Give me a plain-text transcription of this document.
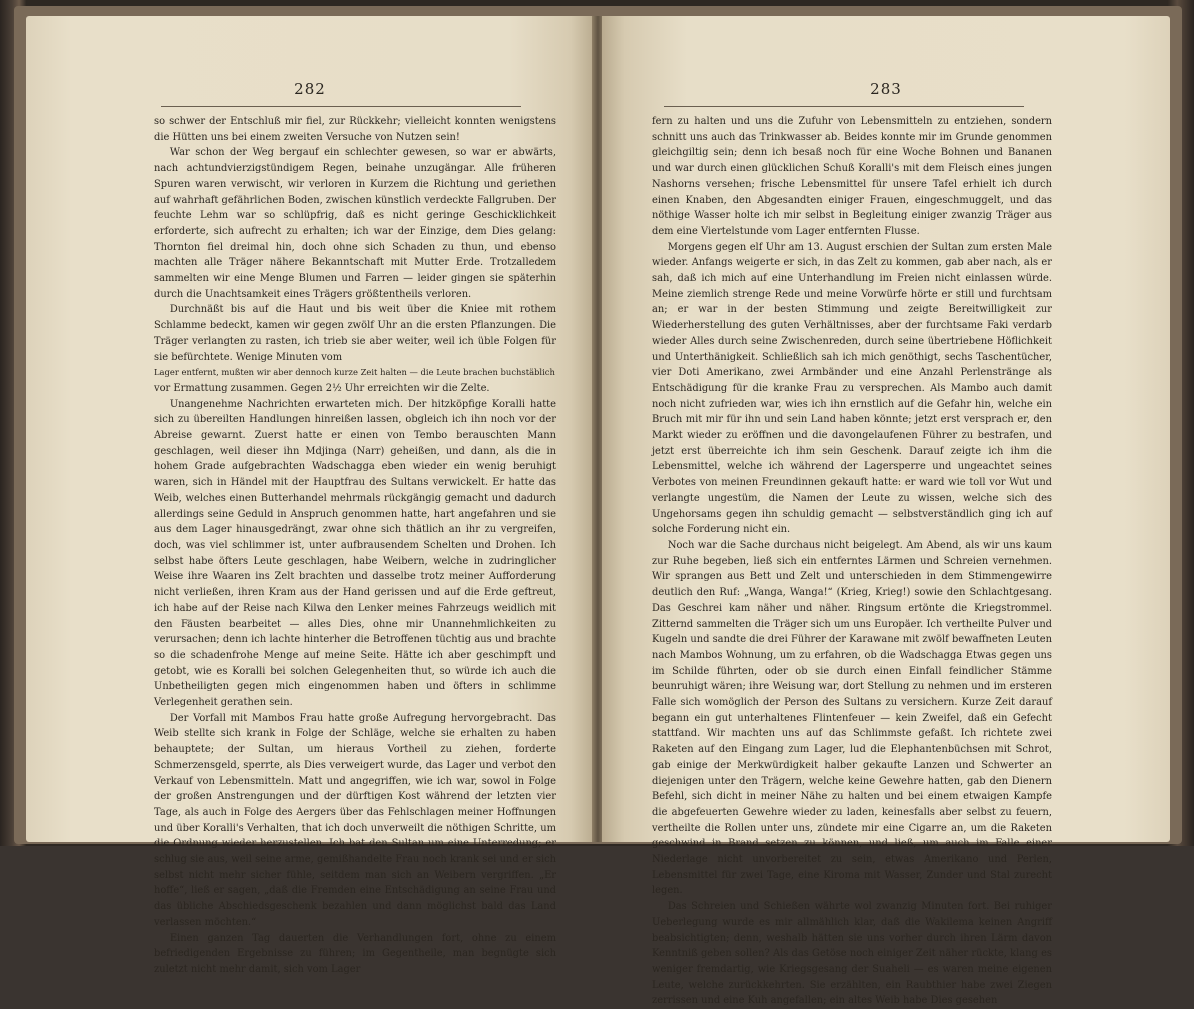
282

so schwer der Entschluß mir fiel, zur Rückkehr; vielleicht konnten wenigstens die Hütten uns bei einem zweiten Versuche von Nutzen sein!

War schon der Weg bergauf ein schlechter gewesen, so war er abwärts, nach achtundvierzigstündigem Regen, beinahe unzugängar. Alle früheren Spuren waren verwischt, wir verloren in Kurzem die Richtung und geriethen auf wahrhaft gefährlichen Boden, zwischen künstlich verdeckte Fallgruben. Der feuchte Lehm war so schlüpfrig, daß es nicht geringe Geschicklichkeit erforderte, sich aufrecht zu erhalten; ich war der Einzige, dem Dies gelang: Thornton fiel dreimal hin, doch ohne sich Schaden zu thun, und ebenso machten alle Träger nähere Bekanntschaft mit Mutter Erde. Trotzalledem sammelten wir eine Menge Blumen und Farren — leider gingen sie späterhin durch die Unachtsamkeit eines Trägers größtentheils verloren.

Durchnäßt bis auf die Haut und bis weit über die Kniee mit rothem Schlamme bedeckt, kamen wir gegen zwölf Uhr an die ersten Pflanzungen. Die Träger verlangten zu rasten, ich trieb sie aber weiter, weil ich üble Folgen für sie befürchtete. Wenige Minuten vom

Lager entfernt, mußten wir aber dennoch kurze Zeit halten — die Leute brachen buchstäblich

vor Ermattung zusammen. Gegen 2½ Uhr erreichten wir die Zelte.

Unangenehme Nachrichten erwarteten mich. Der hitzköpfige Koralli hatte sich zu übereilten Handlungen hinreißen lassen, obgleich ich ihn noch vor der Abreise gewarnt. Zuerst hatte er einen von Tembo berauschten Mann geschlagen, weil dieser ihn Mdjinga (Narr) geheißen, und dann, als die in hohem Grade aufgebrachten Wadschagga eben wieder ein wenig beruhigt waren, sich in Händel mit der Hauptfrau des Sultans verwickelt. Er hatte das Weib, welches einen Butterhandel mehrmals rückgängig gemacht und dadurch allerdings seine Geduld in Anspruch genommen hatte, hart angefahren und sie aus dem Lager hinausgedrängt, zwar ohne sich thätlich an ihr zu vergreifen, doch, was viel schlimmer ist, unter aufbrausendem Schelten und Drohen. Ich selbst habe öfters Leute geschlagen, habe Weibern, welche in zudringlicher Weise ihre Waaren ins Zelt brachten und dasselbe trotz meiner Aufforderung nicht verließen, ihren Kram aus der Hand gerissen und auf die Erde geftreut, ich habe auf der Reise nach Kilwa den Lenker meines Fahrzeugs weidlich mit den Fäusten bearbeitet — alles Dies, ohne mir Unannehmlichkeiten zu verursachen; denn ich lachte hinterher die Betroffenen tüchtig aus und brachte so die schadenfrohe Menge auf meine Seite. Hätte ich aber geschimpft und getobt, wie es Koralli bei solchen Gelegenheiten thut, so würde ich auch die Unbetheiligten gegen mich eingenommen haben und öfters in schlimme Verlegenheit gerathen sein.

Der Vorfall mit Mambos Frau hatte große Aufregung hervorgebracht. Das Weib stellte sich krank in Folge der Schläge, welche sie erhalten zu haben behauptete; der Sultan, um hieraus Vortheil zu ziehen, forderte Schmerzensgeld, sperrte, als Dies verweigert wurde, das Lager und verbot den Verkauf von Lebensmitteln. Matt und angegriffen, wie ich war, sowol in Folge der großen Anstrengungen und der dürftigen Kost während der letzten vier Tage, als auch in Folge des Aergers über das Fehlschlagen meiner Hoffnungen und über Koralli's Verhalten, that ich doch unverweilt die nöthigen Schritte, um die Ordnung wieder herzustellen. Ich bat den Sultan um eine Unterredung; er schlug sie aus, weil seine arme, gemißhandelte Frau noch krank sei und er sich selbst nicht mehr sicher fühle, seitdem man sich an Weibern vergriffen. „Er hoffe“, ließ er sagen, „daß die Fremden eine Entschädigung an seine Frau und das übliche Abschiedsgeschenk bezahlen und dann möglichst bald das Land verlassen möchten.“

Einen ganzen Tag dauerten die Verhandlungen fort, ohne zu einem befriedigenden Ergebnisse zu führen; im Gegentheile, man begnügte sich zuletzt nicht mehr damit, sich vom Lager

283

fern zu halten und uns die Zufuhr von Lebensmitteln zu entziehen, sondern schnitt uns auch das Trinkwasser ab. Beides konnte mir im Grunde genommen gleichgiltig sein; denn ich besaß noch für eine Woche Bohnen und Bananen und war durch einen glücklichen Schuß Koralli's mit dem Fleisch eines jungen Nashorns versehen; frische Lebensmittel für unsere Tafel erhielt ich durch einen Knaben, den Abgesandten einiger Frauen, eingeschmuggelt, und das nöthige Wasser holte ich mir selbst in Begleitung einiger zwanzig Träger aus dem eine Viertelstunde vom Lager entfernten Flusse.

Morgens gegen elf Uhr am 13. August erschien der Sultan zum ersten Male wieder. Anfangs weigerte er sich, in das Zelt zu kommen, gab aber nach, als er sah, daß ich mich auf eine Unterhandlung im Freien nicht einlassen würde. Meine ziemlich strenge Rede und meine Vorwürfe hörte er still und furchtsam an; er war in der besten Stimmung und zeigte Bereitwilligkeit zur Wiederherstellung des guten Verhältnisses, aber der furchtsame Faki verdarb wieder Alles durch seine Zwischenreden, durch seine übertriebene Höflichkeit und Unterthänigkeit. Schließlich sah ich mich genöthigt, sechs Taschentücher, vier Doti Amerikano, zwei Armbänder und eine Anzahl Perlenstränge als Entschädigung für die kranke Frau zu versprechen. Als Mambo auch damit noch nicht zufrieden war, wies ich ihn ernstlich auf die Gefahr hin, welche ein Bruch mit mir für ihn und sein Land haben könnte; jetzt erst versprach er, den Markt wieder zu eröffnen und die davongelaufenen Führer zu bestrafen, und jetzt erst überreichte ich ihm sein Geschenk. Darauf zeigte ich ihm die Lebensmittel, welche ich während der Lagersperre und ungeachtet seines Verbotes von meinen Freundinnen gekauft hatte: er ward wie toll vor Wut und verlangte ungestüm, die Namen der Leute zu wissen, welche sich des Ungehorsams gegen ihn schuldig gemacht — selbstverständlich ging ich auf solche Forderung nicht ein.

Noch war die Sache durchaus nicht beigelegt. Am Abend, als wir uns kaum zur Ruhe begeben, ließ sich ein entferntes Lärmen und Schreien vernehmen. Wir sprangen aus Bett und Zelt und unterschieden in dem Stimmengewirre deutlich den Ruf: „Wanga, Wanga!“ (Krieg, Krieg!) sowie den Schlachtgesang. Das Geschrei kam näher und näher. Ringsum ertönte die Kriegstrommel. Zitternd sammelten die Träger sich um uns Europäer. Ich vertheilte Pulver und Kugeln und sandte die drei Führer der Karawane mit zwölf bewaffneten Leuten nach Mambos Wohnung, um zu erfahren, ob die Wadschagga Etwas gegen uns im Schilde führten, oder ob sie durch einen Einfall feindlicher Stämme beunruhigt wären; ihre Weisung war, dort Stellung zu nehmen und im ersteren Falle sich womöglich der Person des Sultans zu versichern. Kurze Zeit darauf begann ein gut unterhaltenes Flintenfeuer — kein Zweifel, daß ein Gefecht stattfand. Wir machten uns auf das Schlimmste gefaßt. Ich richtete zwei Raketen auf den Eingang zum Lager, lud die Elephantenbüchsen mit Schrot, gab einige der Merkwürdigkeit halber gekaufte Lanzen und Schwerter an diejenigen unter den Trägern, welche keine Gewehre hatten, gab den Dienern Befehl, sich dicht in meiner Nähe zu halten und bei einem etwaigen Kampfe die abgefeuerten Gewehre wieder zu laden, keinesfalls aber selbst zu feuern, vertheilte die Rollen unter uns, zündete mir eine Cigarre an, um die Raketen geschwind in Brand setzen zu können, und ließ, um auch im Falle einer Niederlage nicht unvorbereitet zu sein, etwas Amerikano und Perlen, Lebensmittel für zwei Tage, eine Kiroma mit Wasser, Zunder und Stal zurecht legen.

Das Schreien und Schießen währte wol zwanzig Minuten fort. Bei ruhiger Ueberlegung wurde es mir allmählich klar, daß die Wakilema keinen Angriff beabsichtigten; denn, weshalb hätten sie uns vorher durch ihren Lärm davon Kenntniß geben sollen? Als das Getöse noch einiger Zeit näher rückte, klang es weniger fremdartig, wie Kriegsgesang der Suaheli — es waren meine eigenen Leute, welche zurückkehrten. Sie erzählten, ein Raubthier habe zwei Ziegen zerrissen und eine Kuh angefallen; ein altes Weib habe Dies gesehen
